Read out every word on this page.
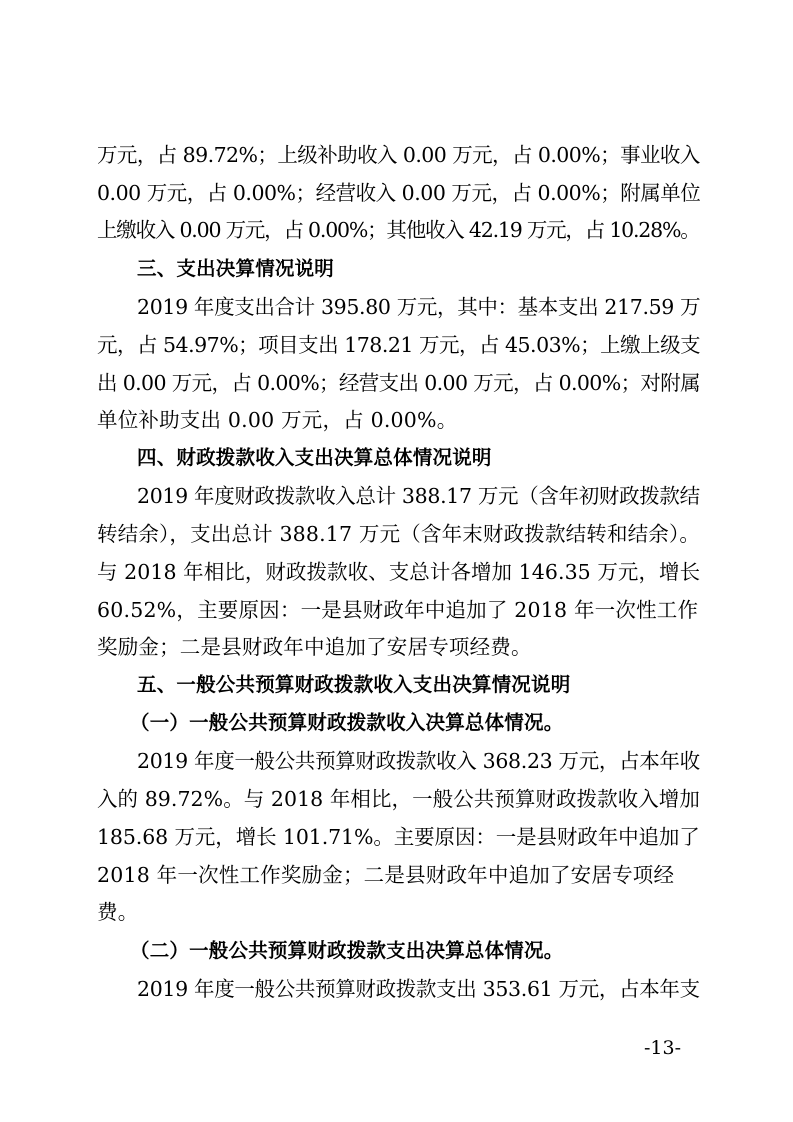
万元，占 89.72%；上级补助收入 0.00 万元，占 0.00%；事业收入
0.00 万元，占 0.00%；经营收入 0.00 万元，占 0.00%；附属单位
上缴收入 0.00 万元，占 0.00%；其他收入 42.19 万元，占 10.28%。
三、支出决算情况说明
2019 年度支出合计 395.80 万元，其中：基本支出 217.59 万
元，占 54.97%；项目支出 178.21 万元，占 45.03%；上缴上级支
出 0.00 万元，占 0.00%；经营支出 0.00 万元，占 0.00%；对附属
单位补助支出 0.00 万元，占 0.00%。
四、财政拨款收入支出决算总体情况说明
2019 年度财政拨款收入总计 388.17 万元（含年初财政拨款结
转结余），支出总计 388.17 万元（含年末财政拨款结转和结余）。
与 2018 年相比，财政拨款收、支总计各增加 146.35 万元，增长
60.52%，主要原因：一是县财政年中追加了 2018 年一次性工作
奖励金；二是县财政年中追加了安居专项经费。
五、一般公共预算财政拨款收入支出决算情况说明
（一）一般公共预算财政拨款收入决算总体情况。
2019 年度一般公共预算财政拨款收入 368.23 万元，占本年收
入的 89.72%。与 2018 年相比，一般公共预算财政拨款收入增加
185.68 万元，增长 101.71%。主要原因：一是县财政年中追加了
2018 年一次性工作奖励金；二是县财政年中追加了安居专项经
费。
（二）一般公共预算财政拨款支出决算总体情况。
2019 年度一般公共预算财政拨款支出 353.61 万元，占本年支
-13-
